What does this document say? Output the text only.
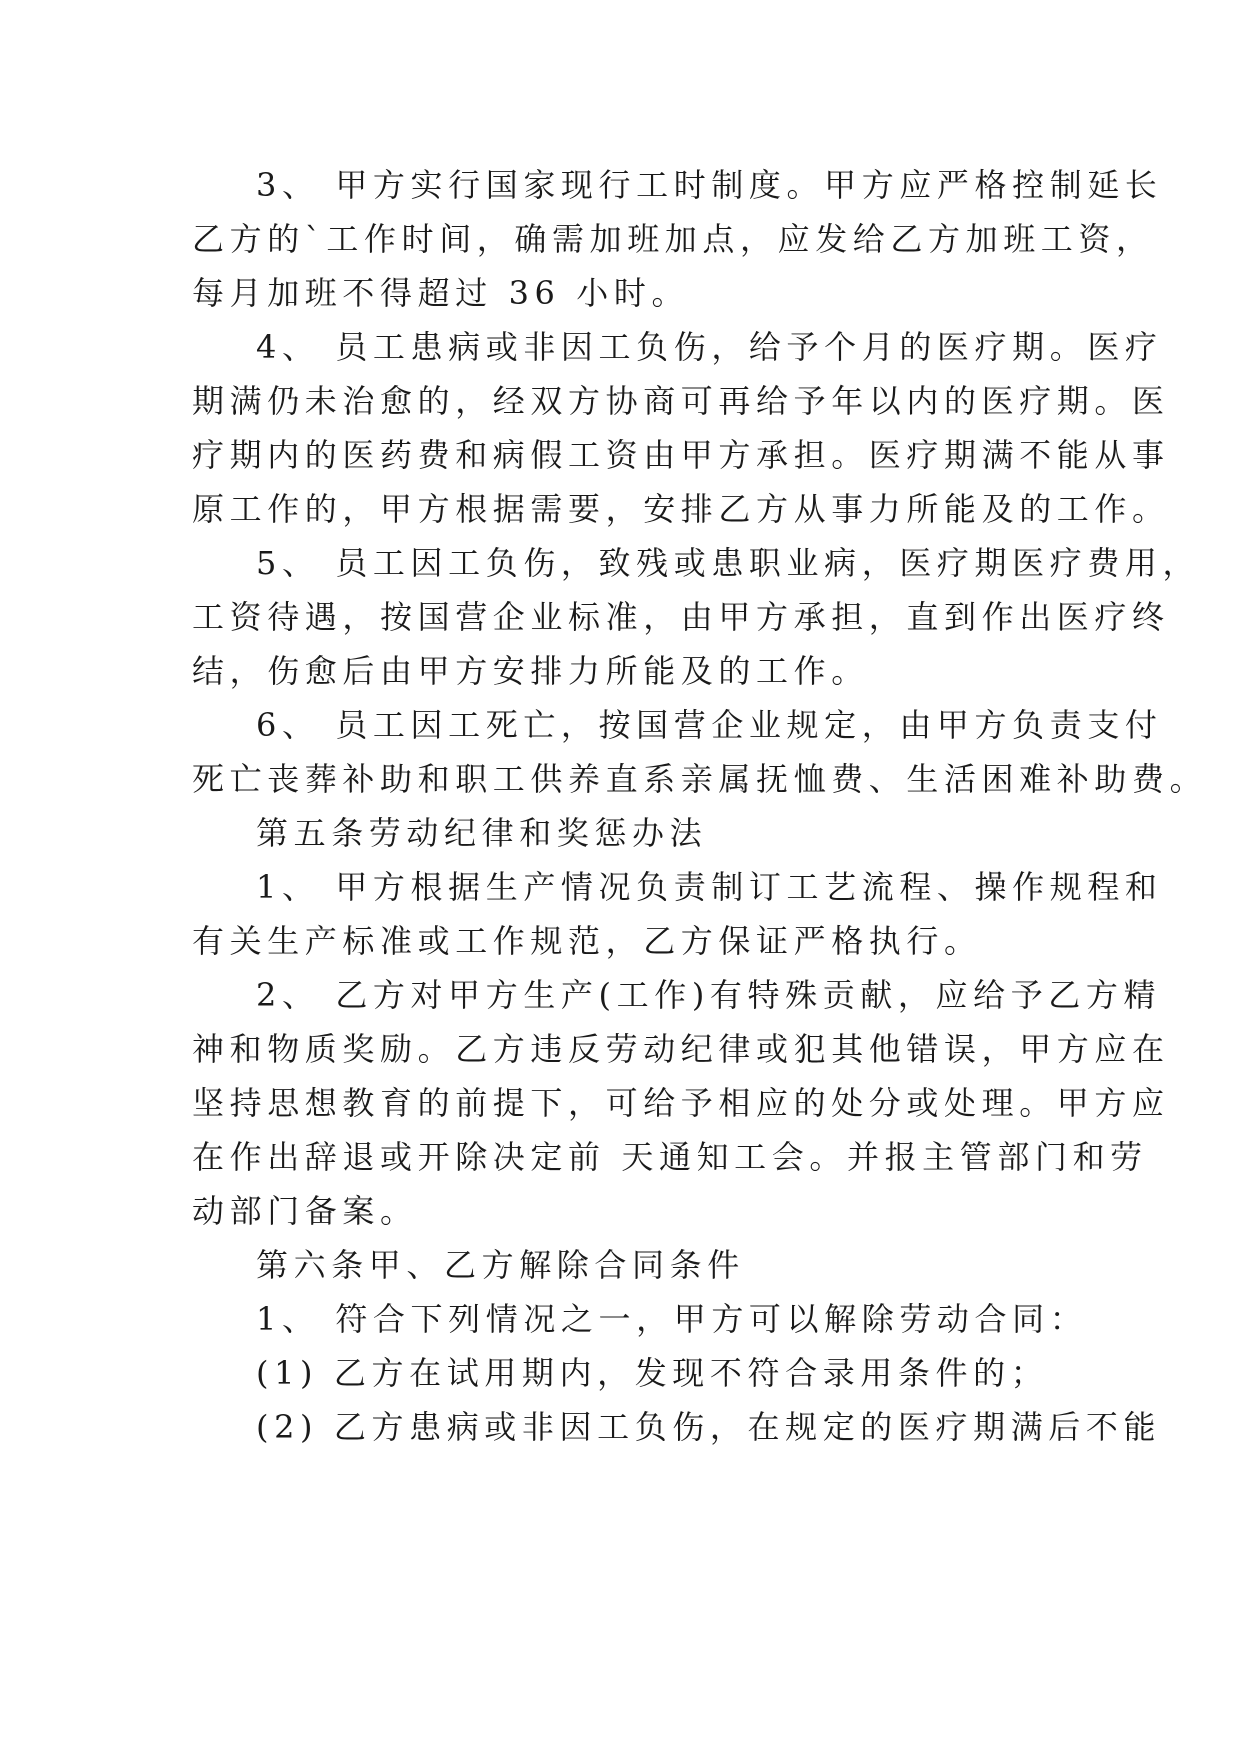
3、 甲方实行国家现行工时制度。甲方应严格控制延长
乙方的`工作时间，确需加班加点，应发给乙方加班工资，
每月加班不得超过 36 小时。
4、 员工患病或非因工负伤，给予个月的医疗期。医疗
期满仍未治愈的，经双方协商可再给予年以内的医疗期。医
疗期内的医药费和病假工资由甲方承担。医疗期满不能从事
原工作的，甲方根据需要，安排乙方从事力所能及的工作。
5、 员工因工负伤，致残或患职业病，医疗期医疗费用，
工资待遇，按国营企业标准，由甲方承担，直到作出医疗终
结，伤愈后由甲方安排力所能及的工作。
6、 员工因工死亡，按国营企业规定，由甲方负责支付
死亡丧葬补助和职工供养直系亲属抚恤费、生活困难补助费。
第五条劳动纪律和奖惩办法
1、 甲方根据生产情况负责制订工艺流程、操作规程和
有关生产标准或工作规范，乙方保证严格执行。
2、 乙方对甲方生产(工作)有特殊贡献，应给予乙方精
神和物质奖励。乙方违反劳动纪律或犯其他错误，甲方应在
坚持思想教育的前提下，可给予相应的处分或处理。甲方应
在作出辞退或开除决定前 天通知工会。并报主管部门和劳
动部门备案。
第六条甲、乙方解除合同条件
1、 符合下列情况之一，甲方可以解除劳动合同：
(1) 乙方在试用期内，发现不符合录用条件的；
(2) 乙方患病或非因工负伤，在规定的医疗期满后不能
